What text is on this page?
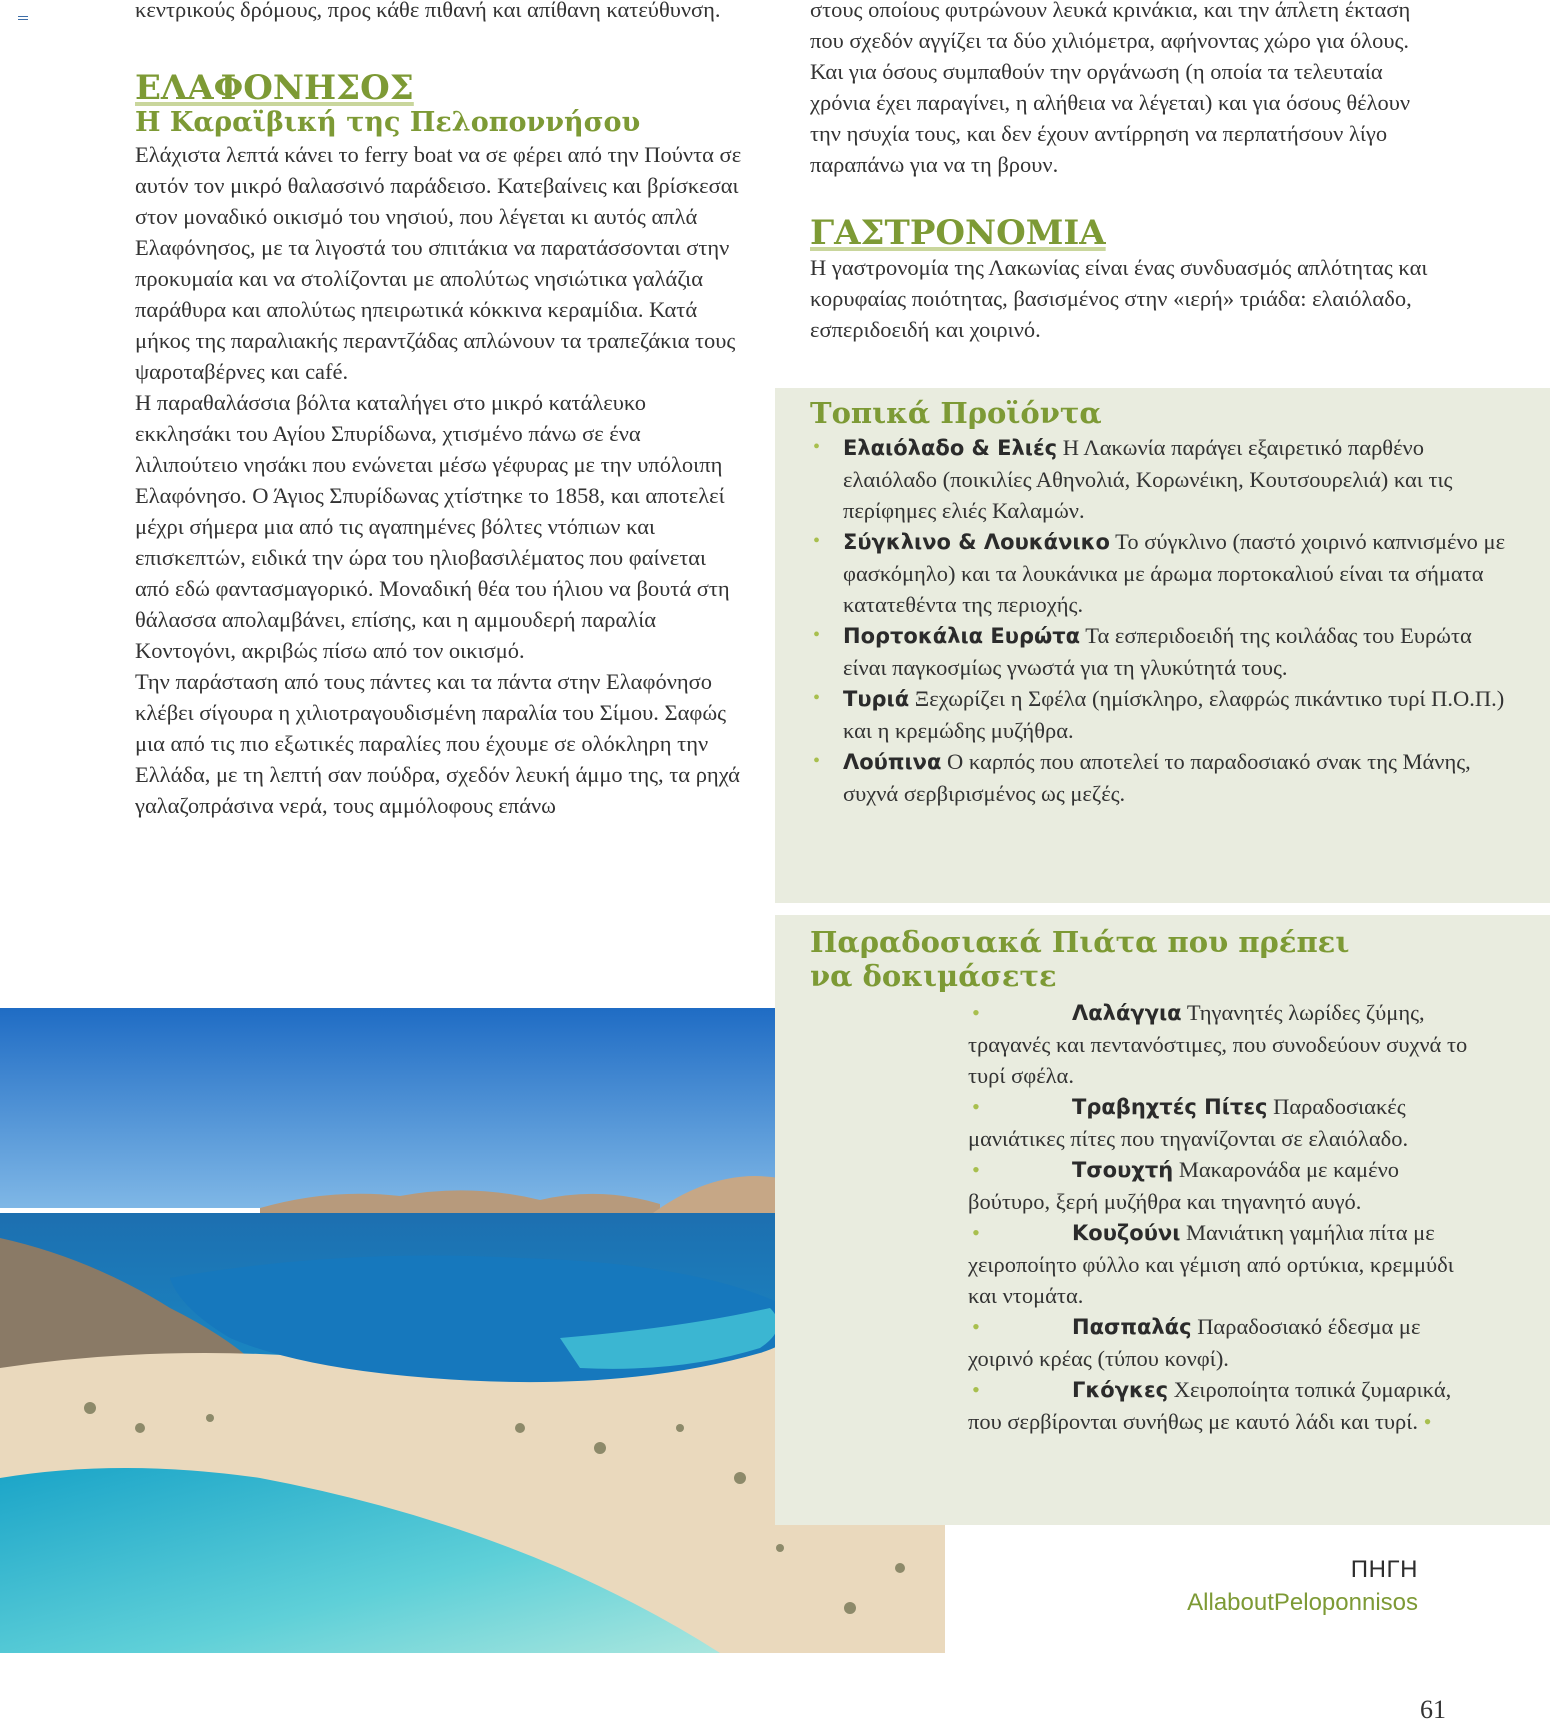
κεντρικούς δρόμους, προς κάθε πιθανή και απίθανη κατεύθυνση.

ΕΛΑΦΟΝΗΣΟΣ
Η Καραϊβική της Πελοποννήσου

Ελάχιστα λεπτά κάνει το ferry boat να σε φέρει από την Πούντα σε αυτόν τον μικρό θαλασσινό παράδεισο. Κατεβαίνεις και βρίσκεσαι στον μοναδικό οικισμό του νησιού, που λέγεται κι αυτός απλά Ελαφόνησος, με τα λιγοστά του σπιτάκια να παρατάσσονται στην προκυμαία και να στολίζονται με απολύτως νησιώτικα γαλάζια παράθυρα και απολύτως ηπειρωτικά κόκκινα κεραμίδια. Κατά μήκος της παραλιακής περαντζάδας απλώνουν τα τραπεζάκια τους ψαροταβέρνες και café.

Η παραθαλάσσια βόλτα καταλήγει στο μικρό κατάλευκο εκκλησάκι του Αγίου Σπυρίδωνα, χτισμένο πάνω σε ένα λιλιπούτειο νησάκι που ενώνεται μέσω γέφυρας με την υπόλοιπη Ελαφόνησο. Ο Άγιος Σπυρίδωνας χτίστηκε το 1858, και αποτελεί μέχρι σήμερα μια από τις αγαπημένες βόλτες ντόπιων και επισκεπτών, ειδικά την ώρα του ηλιοβασιλέματος που φαίνεται από εδώ φαντασμαγορικό. Μοναδική θέα του ήλιου να βουτά στη θάλασσα απολαμβάνει, επίσης, και η αμμουδερή παραλία Κοντογόνι, ακριβώς πίσω από τον οικισμό.

Την παράσταση από τους πάντες και τα πάντα στην Ελαφόνησο κλέβει σίγουρα η χιλιοτραγουδισμένη παραλία του Σίμου. Σαφώς μια από τις πιο εξωτικές παραλίες που έχουμε σε ολόκληρη την Ελλάδα, με τη λεπτή σαν πούδρα, σχεδόν λευκή άμμο της, τα ρηχά γαλαζοπράσινα νερά, τους αμμόλοφους επάνω

στους οποίους φυτρώνουν λευκά κρινάκια, και την άπλετη έκταση που σχεδόν αγγίζει τα δύο χιλιόμετρα, αφήνοντας χώρο για όλους. Και για όσους συμπαθούν την οργάνωση (η οποία τα τελευταία χρόνια έχει παραγίνει, η αλήθεια να λέγεται) και για όσους θέλουν την ησυχία τους, και δεν έχουν αντίρρηση να περπατήσουν λίγο παραπάνω για να τη βρουν.

ΓΑΣΤΡΟΝΟΜΙΑ

Η γαστρονομία της Λακωνίας είναι ένας συνδυασμός απλότητας και κορυφαίας ποιότητας, βασισμένος στην «ιερή» τριάδα: ελαιόλαδο, εσπεριδοειδή και χοιρινό.

Τοπικά Προϊόντα
• Ελαιόλαδο & Ελιές Η Λακωνία παράγει εξαιρετικό παρθένο ελαιόλαδο (ποικιλίες Αθηνολιά, Κορωνέικη, Κουτσουρελιά) και τις περίφημες ελιές Καλαμών.
• Σύγκλινο & Λουκάνικο Το σύγκλινο (παστό χοιρινό καπνισμένο με φασκόμηλο) και τα λουκάνικα με άρωμα πορτοκαλιού είναι τα σήματα κατατεθέντα της περιοχής.
• Πορτοκάλια Ευρώτα Τα εσπεριδοειδή της κοιλάδας του Ευρώτα είναι παγκοσμίως γνωστά για τη γλυκύτητά τους.
• Τυριά Ξεχωρίζει η Σφέλα (ημίσκληρο, ελαφρώς πικάντικο τυρί Π.Ο.Π.) και η κρεμώδης μυζήθρα.
• Λούπινα Ο καρπός που αποτελεί το παραδοσιακό σνακ της Μάνης, συχνά σερβιρισμένος ως μεζές.
Παραδοσιακά Πιάτα που πρέπει να δοκιμάσετε
•	Λαλάγγια Τηγανητές λωρίδες ζύμης, τραγανές και πεντανόστιμες, που συνοδεύουν συχνά το τυρί σφέλα.
•	Τραβηχτές Πίτες Παραδοσιακές μανιάτικες πίτες που τηγανίζονται σε ελαιόλαδο.
•	Τσουχτή Μακαρονάδα με καμένο βούτυρο, ξερή μυζήθρα και τηγανητό αυγό.
•	Κουζούνι Μανιάτικη γαμήλια πίτα με χειροποίητο φύλλο και γέμιση από ορτύκια, κρεμμύδι και ντομάτα.
•	Πασπαλάς Παραδοσιακό έδεσμα με χοιρινό κρέας (τύπου κονφί).
•	Γκόγκες Χειροποίητα τοπικά ζυμαρικά, που σερβίρονται συνήθως με καυτό λάδι και τυρί. •
ΠΗΓΗ
AllaboutPeloponnisos
61
